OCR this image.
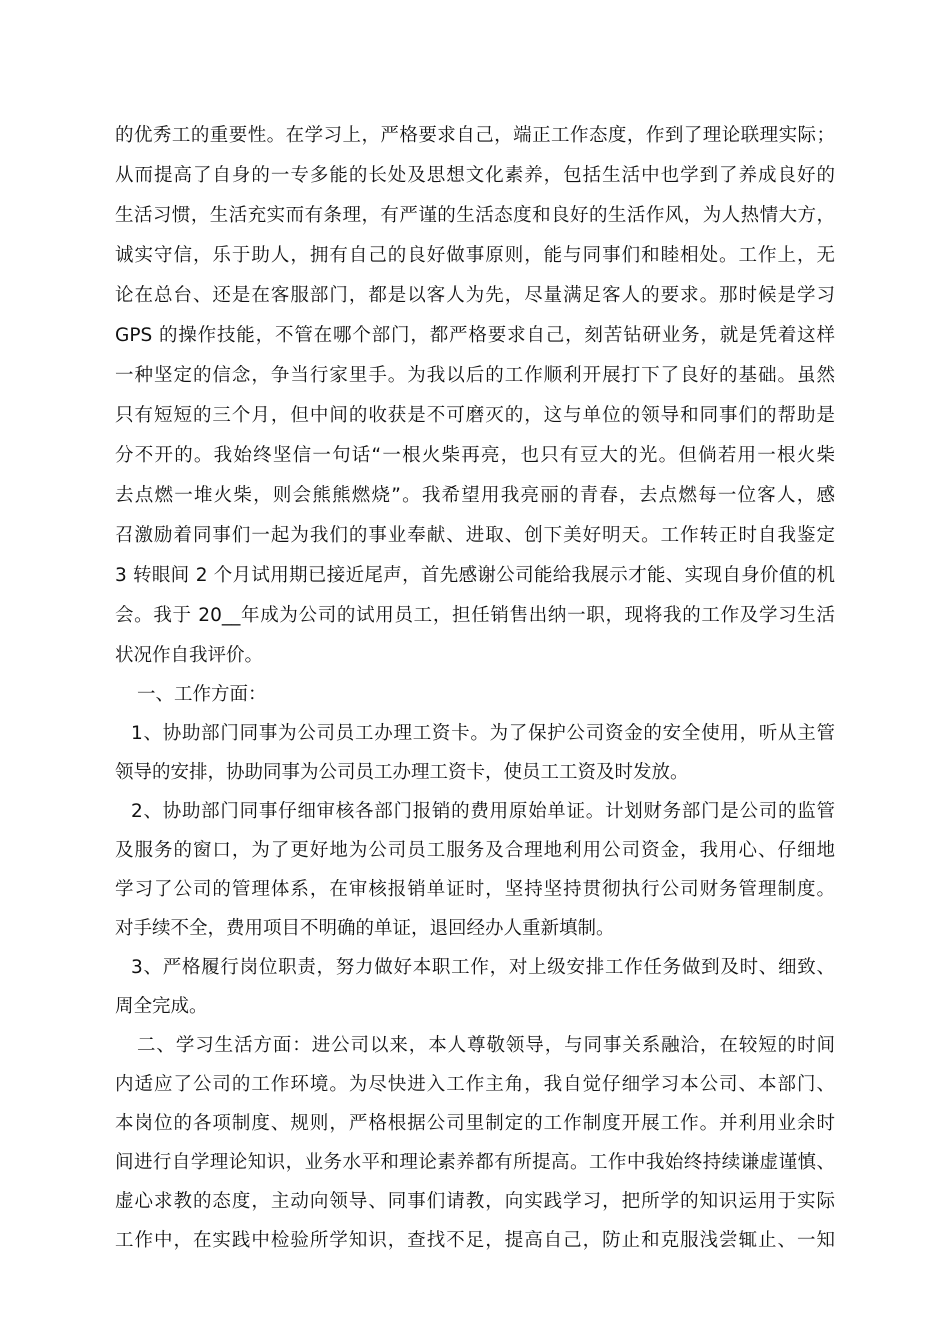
的优秀工的重要性。在学习上，严格要求自己，端正工作态度，作到了理论联理实际；
从而提高了自身的一专多能的长处及思想文化素养，包括生活中也学到了养成良好的
生活习惯，生活充实而有条理，有严谨的生活态度和良好的生活作风，为人热情大方，
诚实守信，乐于助人，拥有自己的良好做事原则，能与同事们和睦相处。工作上，无
论在总台、还是在客服部门，都是以客人为先，尽量满足客人的要求。那时候是学习
GPS 的操作技能，不管在哪个部门，都严格要求自己，刻苦钻研业务，就是凭着这样
一种坚定的信念，争当行家里手。为我以后的工作顺利开展打下了良好的基础。虽然
只有短短的三个月，但中间的收获是不可磨灭的，这与单位的领导和同事们的帮助是
分不开的。我始终坚信一句话“一根火柴再亮，也只有豆大的光。但倘若用一根火柴
去点燃一堆火柴，则会熊熊燃烧”。我希望用我亮丽的青春，去点燃每一位客人，感
召激励着同事们一起为我们的事业奉献、进取、创下美好明天。工作转正时自我鉴定
3 转眼间 2 个月试用期已接近尾声，首先感谢公司能给我展示才能、实现自身价值的机
会。我于 20__年成为公司的试用员工，担任销售出纳一职，现将我的工作及学习生活
状况作自我评价。
一、工作方面：
1、协助部门同事为公司员工办理工资卡。为了保护公司资金的安全使用，听从主管
领导的安排，协助同事为公司员工办理工资卡，使员工工资及时发放。
2、协助部门同事仔细审核各部门报销的费用原始单证。计划财务部门是公司的监管
及服务的窗口，为了更好地为公司员工服务及合理地利用公司资金，我用心、仔细地
学习了公司的管理体系，在审核报销单证时，坚持坚持贯彻执行公司财务管理制度。
对手续不全，费用项目不明确的单证，退回经办人重新填制。
3、严格履行岗位职责，努力做好本职工作，对上级安排工作任务做到及时、细致、
周全完成。
二、学习生活方面：进公司以来，本人尊敬领导，与同事关系融洽，在较短的时间
内适应了公司的工作环境。为尽快进入工作主角，我自觉仔细学习本公司、本部门、
本岗位的各项制度、规则，严格根据公司里制定的工作制度开展工作。并利用业余时
间进行自学理论知识，业务水平和理论素养都有所提高。工作中我始终持续谦虚谨慎、
虚心求教的态度，主动向领导、同事们请教，向实践学习，把所学的知识运用于实际
工作中，在实践中检验所学知识，查找不足，提高自己，防止和克服浅尝辄止、一知
